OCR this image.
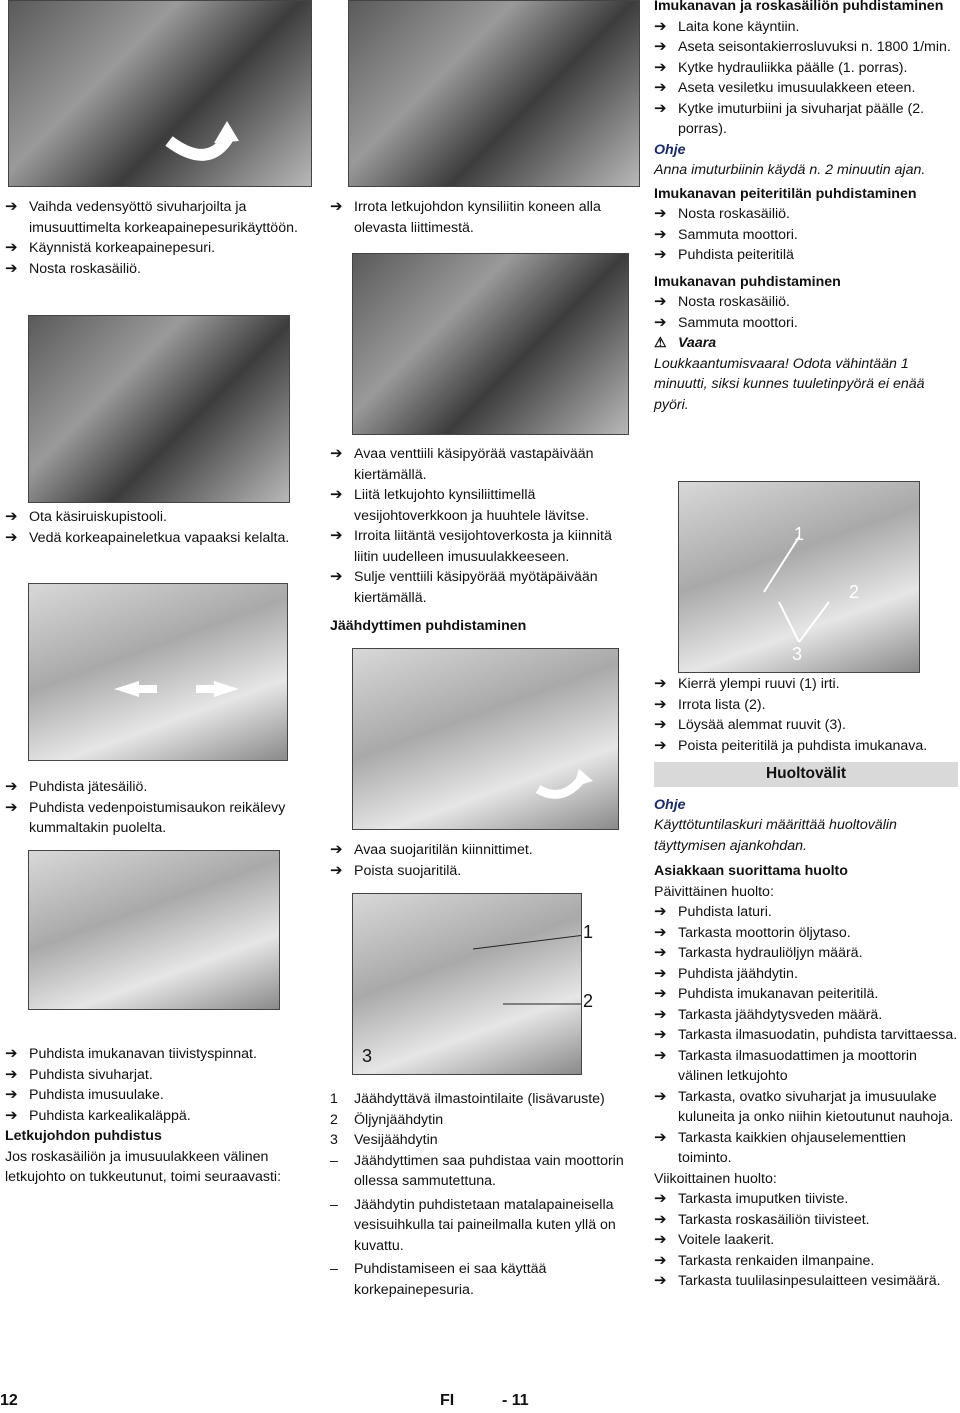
➔ Vaihda vedensyöttö sivuharjoilta ja imusuuttimelta korkeapainepesurikäyttöön.
➔ Käynnistä korkeapainepesuri.
➔ Nosta roskasäiliö.
➔ Ota käsiruiskupistooli.
➔ Vedä korkeapaineletkua vapaaksi kelalta.
➔ Puhdista jätesäiliö.
➔ Puhdista vedenpoistumisaukon reikälevy kummaltakin puolelta.
➔ Puhdista imukanavan tiivistyspinnat.
➔ Puhdista sivuharjat.
➔ Puhdista imusuulake.
➔ Puhdista karkealikaläppä.
Letkujohdon puhdistus
Jos roskasäiliön ja imusuulakkeen välinen letkujohto on tukkeutunut, toimi seuraavasti:
➔ Irrota letkujohdon kynsiliitin koneen alla olevasta liittimestä.
➔ Avaa venttiili käsipyörää vastapäivään kiertämällä.
➔ Liitä letkujohto kynsiliittimellä vesijohtoverkkoon ja huuhtele lävitse.
➔ Irroita liitäntä vesijohtoverkosta ja kiinnitä liitin uudelleen imusuulakkeeseen.
➔ Sulje venttiili käsipyörää myötäpäivään kiertämällä.
Jäähdyttimen puhdistaminen
➔ Avaa suojaritilän kiinnittimet.
➔ Poista suojaritilä.
1
2
3
1 Jäähdyttävä ilmastointilaite (lisävaruste)
2 Öljynjäähdytin
3 Vesijäähdytin
– Jäähdyttimen saa puhdistaa vain moottorin ollessa sammutettuna.
– Jäähdytin puhdistetaan matalapaineisella vesisuihkulla tai paineilmalla kuten yllä on kuvattu.
– Puhdistamiseen ei saa käyttää korkepainepesuria.
Imukanavan ja roskasäiliön puhdistaminen
➔ Laita kone käyntiin.
➔ Aseta seisontakierrosluvuksi n. 1800 1/min.
➔ Kytke hydrauliikka päälle (1. porras).
➔ Aseta vesiletku imusuulakkeen eteen.
➔ Kytke imuturbiini ja sivuharjat päälle (2. porras).
Ohje
Anna imuturbiinin käydä n. 2 minuutin ajan.
Imukanavan peiteritilän puhdistaminen
➔ Nosta roskasäiliö.
➔ Sammuta moottori.
➔ Puhdista peiteritilä
Imukanavan puhdistaminen
➔ Nosta roskasäiliö.
➔ Sammuta moottori.
⚠ Vaara
Loukkaantumisvaara! Odota vähintään 1 minuutti, siksi kunnes tuuletinpyörä ei enää pyöri.
1
2
3
➔ Kierrä ylempi ruuvi (1) irti.
➔ Irrota lista (2).
➔ Löysää alemmat ruuvit (3).
➔ Poista peiteritilä ja puhdista imukanava.
Huoltovälit
Ohje
Käyttötuntilaskuri määrittää huoltovälin täyttymisen ajankohdan.
Asiakkaan suorittama huolto
Päivittäinen huolto:
➔ Puhdista laturi.
➔ Tarkasta moottorin öljytaso.
➔ Tarkasta hydrauliöljyn määrä.
➔ Puhdista jäähdytin.
➔ Puhdista imukanavan peiteritilä.
➔ Tarkasta jäähdytysveden määrä.
➔ Tarkasta ilmasuodatin, puhdista tarvittaessa.
➔ Tarkasta ilmasuodattimen ja moottorin välinen letkujohto
➔ Tarkasta, ovatko sivuharjat ja imusuulake kuluneita ja onko niihin kietoutunut nauhoja.
➔ Tarkasta kaikkien ohjauselementtien toiminto.
Viikoittainen huolto:
➔ Tarkasta imuputken tiiviste.
➔ Tarkasta roskasäiliön tiivisteet.
➔ Voitele laakerit.
➔ Tarkasta renkaiden ilmanpaine.
➔ Tarkasta tuulilasinpesulaitteen vesimäärä.
12	FI	- 11
